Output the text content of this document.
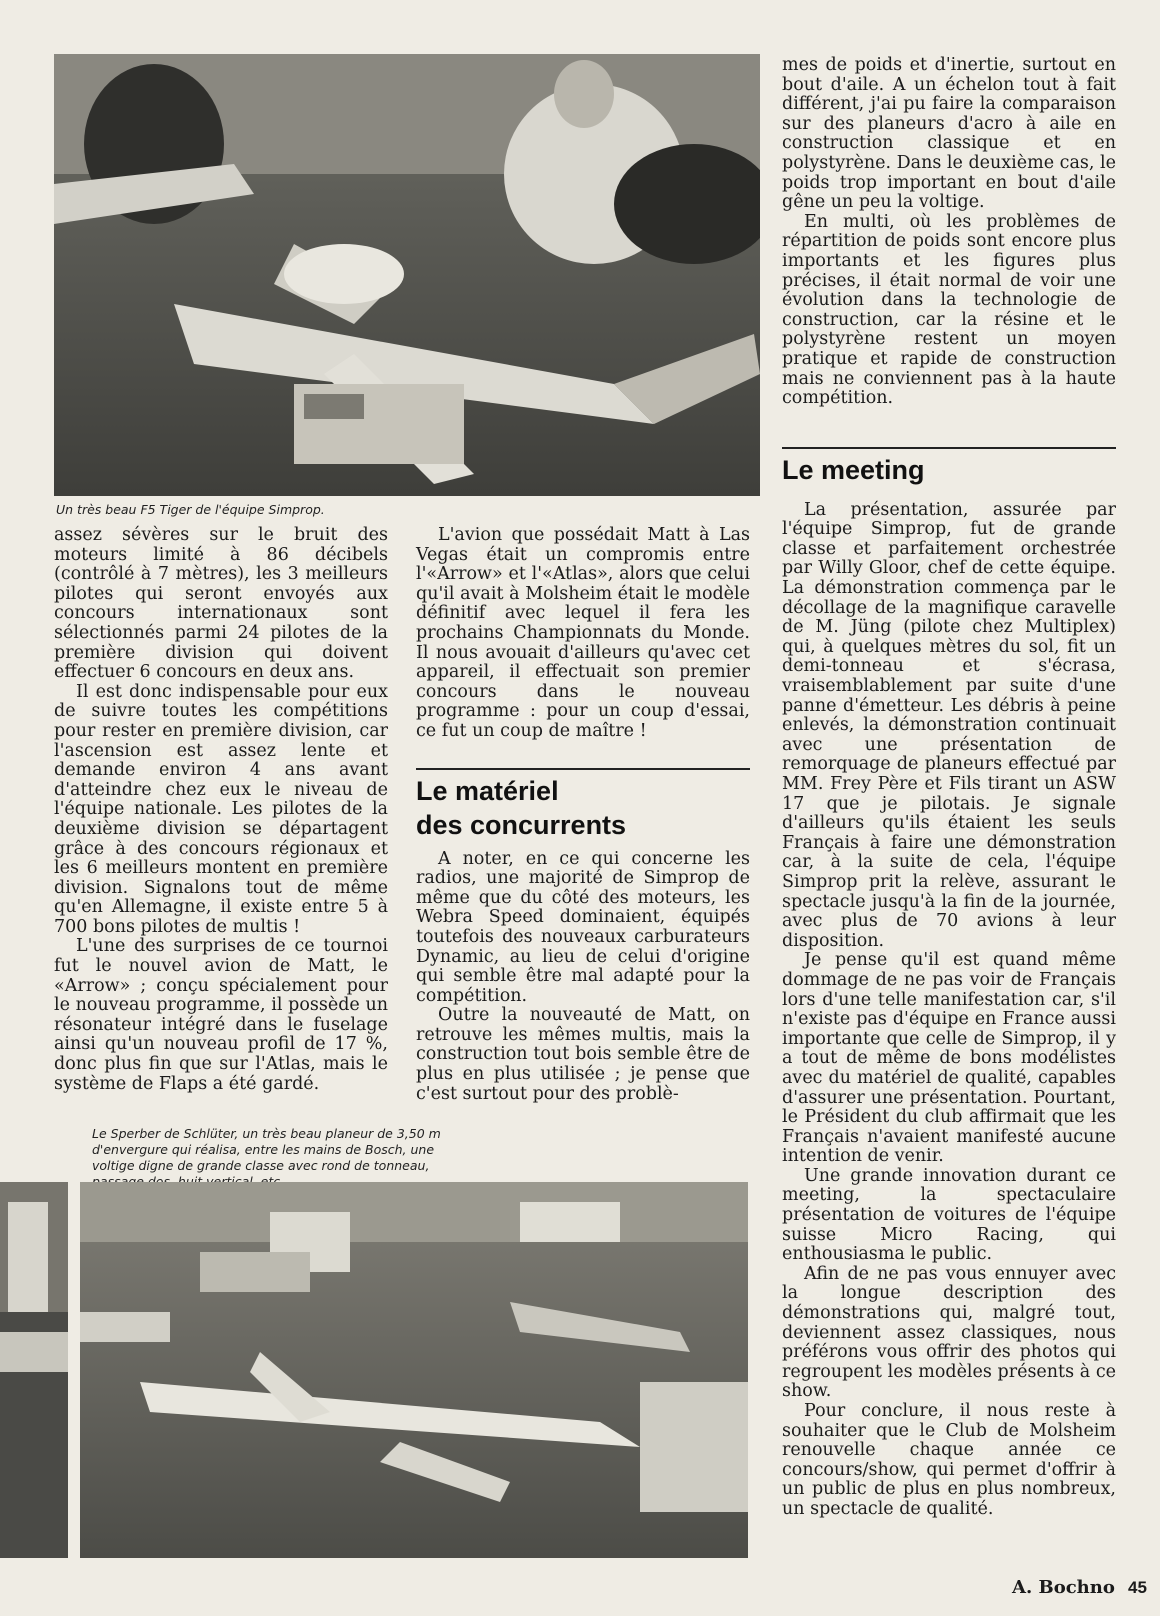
Un très beau F5 Tiger de l'équipe Simprop.

assez sévères sur le bruit des moteurs limité à 86 décibels (contrôlé à 7 mètres), les 3 meilleurs pilotes qui seront envoyés aux concours internationaux sont sélectionnés parmi 24 pilotes de la première division qui doivent effectuer 6 concours en deux ans.

Il est donc indispensable pour eux de suivre toutes les compétitions pour rester en première division, car l'ascension est assez lente et demande environ 4 ans avant d'atteindre chez eux le niveau de l'équipe nationale. Les pilotes de la deuxième division se départagent grâce à des concours régionaux et les 6 meilleurs montent en première division. Signalons tout de même qu'en Allemagne, il existe entre 5 à 700 bons pilotes de multis !

L'une des surprises de ce tournoi fut le nouvel avion de Matt, le «Arrow» ; conçu spécialement pour le nouveau programme, il possède un résonateur intégré dans le fuselage ainsi qu'un nouveau profil de 17 %, donc plus fin que sur l'Atlas, mais le système de Flaps a été gardé.

L'avion que possédait Matt à Las Vegas était un compromis entre l'«Arrow» et l'«Atlas», alors que celui qu'il avait à Molsheim était le modèle définitif avec lequel il fera les prochains Championnats du Monde. Il nous avouait d'ailleurs qu'avec cet appareil, il effectuait son premier concours dans le nouveau programme : pour un coup d'essai, ce fut un coup de maître !

Le matériel
des concurrents

A noter, en ce qui concerne les radios, une majorité de Simprop de même que du côté des moteurs, les Webra Speed dominaient, équipés toutefois des nouveaux carburateurs Dynamic, au lieu de celui d'origine qui semble être mal adapté pour la compétition.

Outre la nouveauté de Matt, on retrouve les mêmes multis, mais la construction tout bois semble être de plus en plus utilisée ; je pense que c'est surtout pour des problè-

Le Sperber de Schlüter, un très beau planeur de 3,50 m d'envergure qui réalisa, entre les mains de Bosch, une voltige digne de grande classe avec rond de tonneau,

mes de poids et d'inertie, surtout en bout d'aile. A un échelon tout à fait différent, j'ai pu faire la comparaison sur des planeurs d'acro à aile en construction classique et en polystyrène. Dans le deuxième cas, le poids trop important en bout d'aile gêne un peu la voltige.

En multi, où les problèmes de répartition de poids sont encore plus importants et les figures plus précises, il était normal de voir une évolution dans la technologie de construction, car la résine et le polystyrène restent un moyen pratique et rapide de construction mais ne conviennent pas à la haute compétition.

Le meeting

La présentation, assurée par l'équipe Simprop, fut de grande classe et parfaitement orchestrée par Willy Gloor, chef de cette équipe. La démonstration commença par le décollage de la magnifique caravelle de M. Jüng (pilote chez Multiplex) qui, à quelques mètres du sol, fit un demi-tonneau et s'écrasa, vraisemblablement par suite d'une panne d'émetteur. Les débris à peine enlevés, la démonstration continuait avec une présentation de remorquage de planeurs effectué par MM. Frey Père et Fils tirant un ASW 17 que je pilotais. Je signale d'ailleurs qu'ils étaient les seuls Français à faire une démonstration car, à la suite de cela, l'équipe Simprop prit la relève, assurant le spectacle jusqu'à la fin de la journée, avec plus de 70 avions à leur disposition.

Je pense qu'il est quand même dommage de ne pas voir de Français lors d'une telle manifestation car, s'il n'existe pas d'équipe en France aussi importante que celle de Simprop, il y a tout de même de bons modélistes avec du matériel de qualité, capables d'assurer une présentation. Pourtant, le Président du club affirmait que les Français n'avaient manifesté aucune intention de venir.

Une grande innovation durant ce meeting, la spectaculaire présentation de voitures de l'équipe suisse Micro Racing, qui enthousiasma le public.

Afin de ne pas vous ennuyer avec la longue description des démonstrations qui, malgré tout, deviennent assez classiques, nous préférons vous offrir des photos qui regroupent les modèles présents à ce show.

Pour conclure, il nous reste à souhaiter que le Club de Molsheim renouvelle chaque année ce concours/show, qui permet d'offrir à un public de plus en plus nombreux, un spectacle de qualité.

A. Bochno 45
